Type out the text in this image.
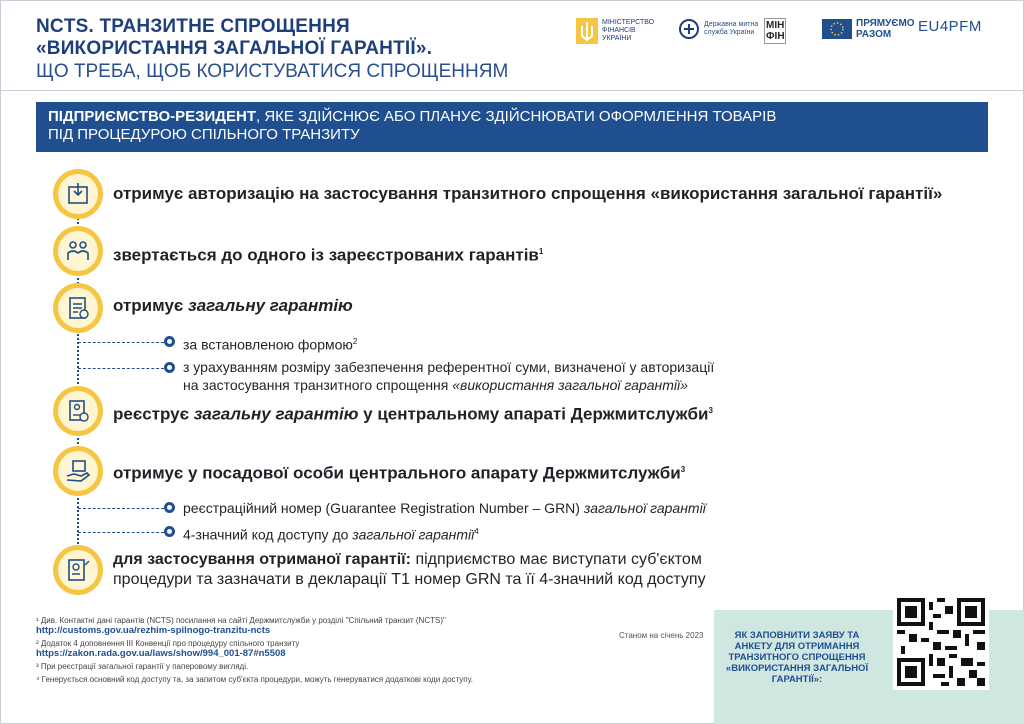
NCTS. ТРАНЗИТНЕ СПРОЩЕННЯ
«ВИКОРИСТАННЯ ЗАГАЛЬНОЇ ГАРАНТІЇ».
ЩО ТРЕБА, ЩОБ КОРИСТУВАТИСЯ СПРОЩЕННЯМ
МІНІСТЕРСТВО ФІНАНСІВ УКРАЇНИ
Державна митна служба України
МІН ФІН
ПРЯМУЄМО РАЗОМ	EU4PFM
ПІДПРИЄМСТВО-РЕЗИДЕНТ, ЯКЕ ЗДІЙСНЮЄ АБО ПЛАНУЄ ЗДІЙСНЮВАТИ ОФОРМЛЕННЯ ТОВАРІВ
ПІД ПРОЦЕДУРОЮ СПІЛЬНОГО ТРАНЗИТУ
отримує авторизацію на застосування транзитного спрощення «використання загальної гарантії»
звертається до одного із зареєстрованих гарантів$^1$
отримує загальну гарантію
за встановленою формою$^2$
з урахуванням розміру забезпечення референтної суми, визначеної у авторизації
на застосування транзитного спрощення «використання загальної гарантії»
реєструє загальну гарантію у центральному апараті Держмитслужби$^3$
отримує у посадової особи центрального апарату Держмитслужби$^3$
реєстраційний номер (Guarantee Registration Number – GRN) загальної гарантії
4-значний код доступу до загальної гарантії$^4$
для застосування отриманої гарантії: підприємство має виступати суб'єктом
процедури та зазначати в декларації Т1 номер GRN та її 4-значний код доступу
¹ Див. Контактні дані гарантів (NCTS) посилання на сайті Держмитслужби у розділі "Спільний транзит (NCTS)"
http://customs.gov.ua/rezhim-spilnogo-tranzitu-ncts
² Додаток 4 доповнення III Конвенції про процедуру спільного транзиту
https://zakon.rada.gov.ua/laws/show/994_001-87#n5508
³ При реєстрації загальної гарантії у паперовому вигляді.
⁴ Генерується основний код доступу та, за запитом суб'єкта процедури, можуть генеруватися додаткові коди доступу.
Станом на січень 2023	ЯК ЗАПОВНИТИ ЗАЯВУ ТА АНКЕТУ ДЛЯ ОТРИМАННЯ ТРАНЗИТНОГО СПРОЩЕННЯ «ВИКОРИСТАННЯ ЗАГАЛЬНОЇ ГАРАНТІЇ»:
